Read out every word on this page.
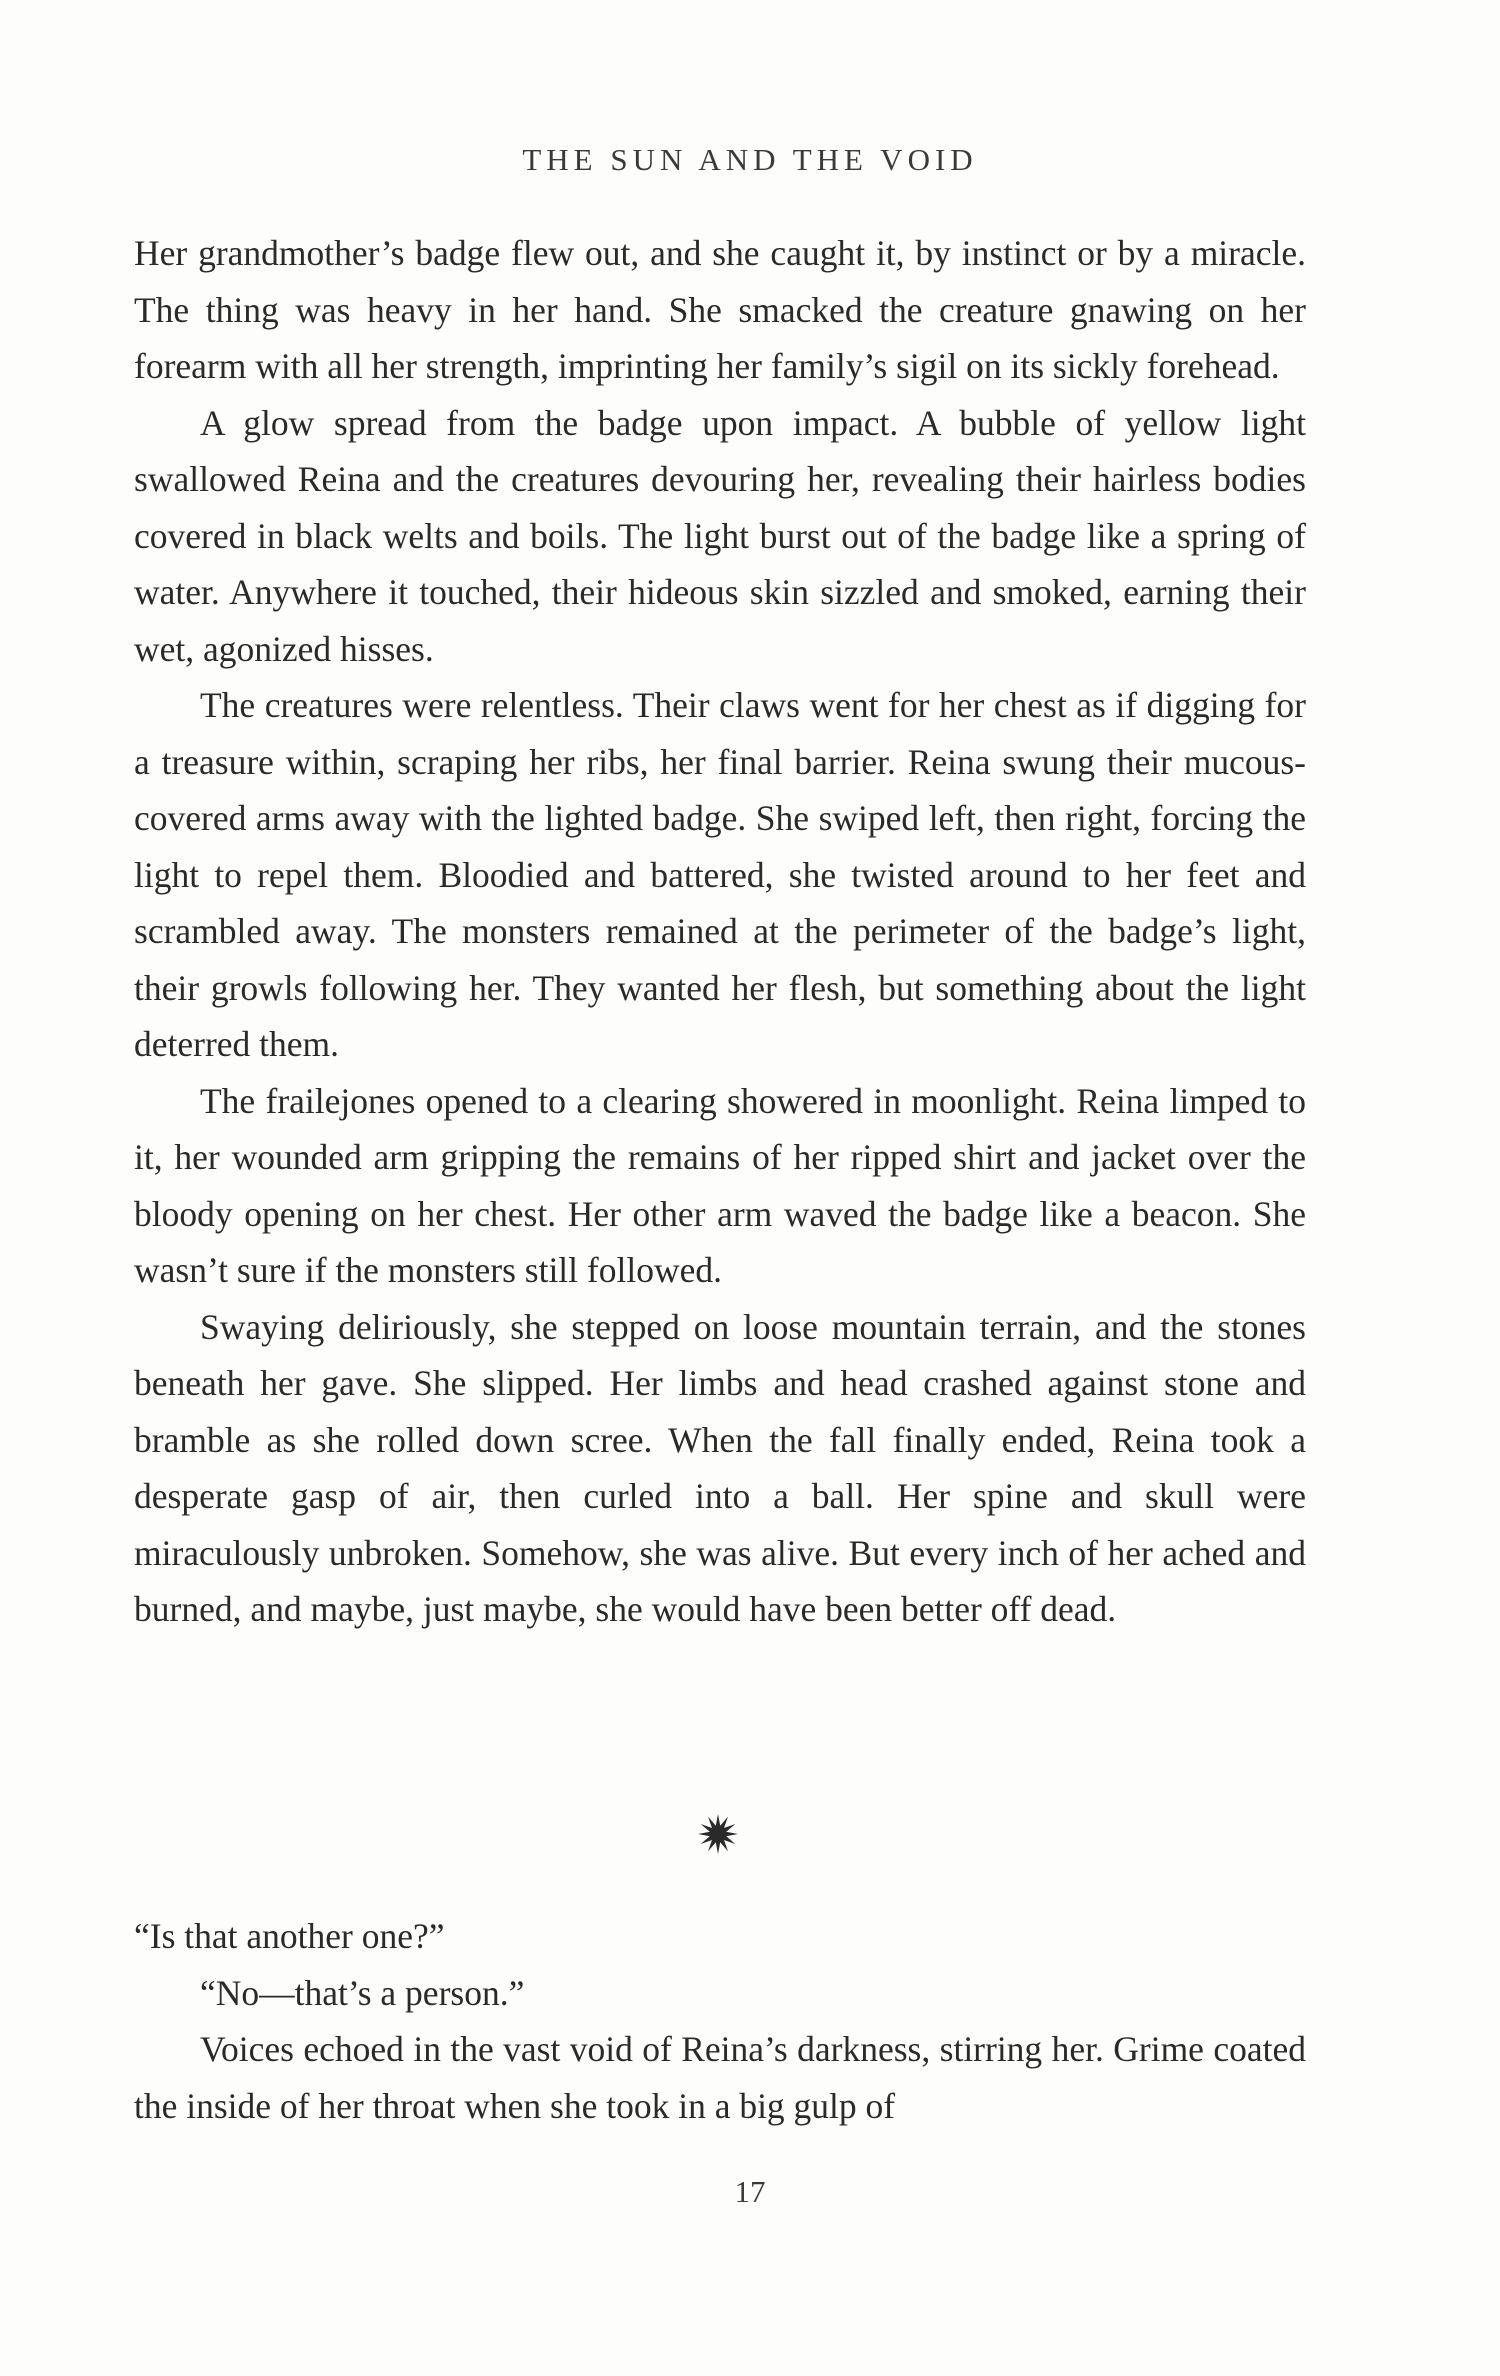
THE SUN AND THE VOID

Her grandmother’s badge flew out, and she caught it, by instinct or by a miracle. The thing was heavy in her hand. She smacked the creature gnawing on her forearm with all her strength, imprinting her family’s sigil on its sickly forehead.

A glow spread from the badge upon impact. A bubble of yellow light swallowed Reina and the creatures devouring her, revealing their hairless bodies covered in black welts and boils. The light burst out of the badge like a spring of water. Anywhere it touched, their hideous skin sizzled and smoked, earning their wet, agonized hisses.

The creatures were relentless. Their claws went for her chest as if digging for a treasure within, scraping her ribs, her final barrier. Reina swung their mucous-covered arms away with the lighted badge. She swiped left, then right, forcing the light to repel them. Bloodied and battered, she twisted around to her feet and scrambled away. The monsters remained at the perimeter of the badge’s light, their growls following her. They wanted her flesh, but something about the light deterred them.

The frailejones opened to a clearing showered in moonlight. Reina limped to it, her wounded arm gripping the remains of her ripped shirt and jacket over the bloody opening on her chest. Her other arm waved the badge like a beacon. She wasn’t sure if the monsters still followed.

Swaying deliriously, she stepped on loose mountain terrain, and the stones beneath her gave. She slipped. Her limbs and head crashed against stone and bramble as she rolled down scree. When the fall finally ended, Reina took a desperate gasp of air, then curled into a ball. Her spine and skull were miraculously unbroken. Somehow, she was alive. But every inch of her ached and burned, and maybe, just maybe, she would have been better off dead.

“Is that another one?”

“No—that’s a person.”

Voices echoed in the vast void of Reina’s darkness, stirring her. Grime coated the inside of her throat when she took in a big gulp of

17
